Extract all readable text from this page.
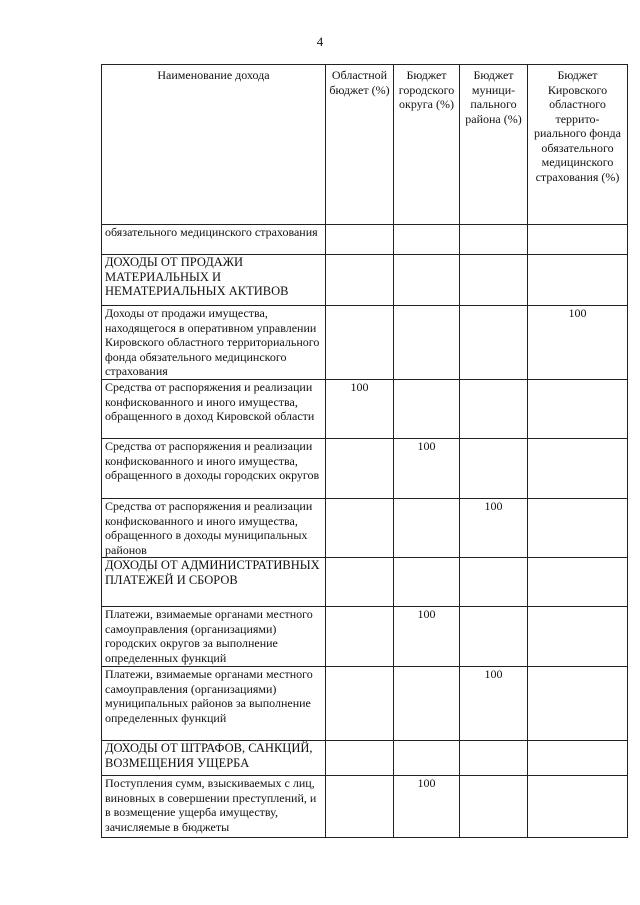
4
Наименование дохода	Областной бюджет (%)	Бюджет городского округа (%)	Бюджет муници-пального района (%)	Бюджет Кировского областного террито-риального фонда обязательного медицинского страхования (%)
обязательного медицинского страхования				
ДОХОДЫ ОТ ПРОДАЖИ МАТЕРИАЛЬНЫХ И НЕМАТЕРИАЛЬНЫХ АКТИВОВ				
Доходы от продажи имущества, находящегося в оперативном управлении Кировского областного территориального фонда обязательного медицинского страхования				100
Средства от распоряжения и реализации конфискованного и иного имущества, обращенного в доход Кировской области	100			
Средства от распоряжения и реализации конфискованного и иного имущества, обращенного в доходы городских округов		100		
Средства от распоряжения и реализации конфискованного и иного имущества, обращенного в доходы муниципальных районов			100	
ДОХОДЫ ОТ АДМИНИСТРАТИВНЫХ ПЛАТЕЖЕЙ И СБОРОВ				
Платежи, взимаемые органами местного самоуправления (организациями) городских округов за выполнение определенных функций		100		
Платежи, взимаемые органами местного самоуправления (организациями) муниципальных районов за выполнение определенных функций			100	
ДОХОДЫ ОТ ШТРАФОВ, САНКЦИЙ, ВОЗМЕЩЕНИЯ УЩЕРБА				
Поступления сумм, взыскиваемых с лиц, виновных в совершении преступлений, и в возмещение ущерба имуществу, зачисляемые в бюджеты		100		
